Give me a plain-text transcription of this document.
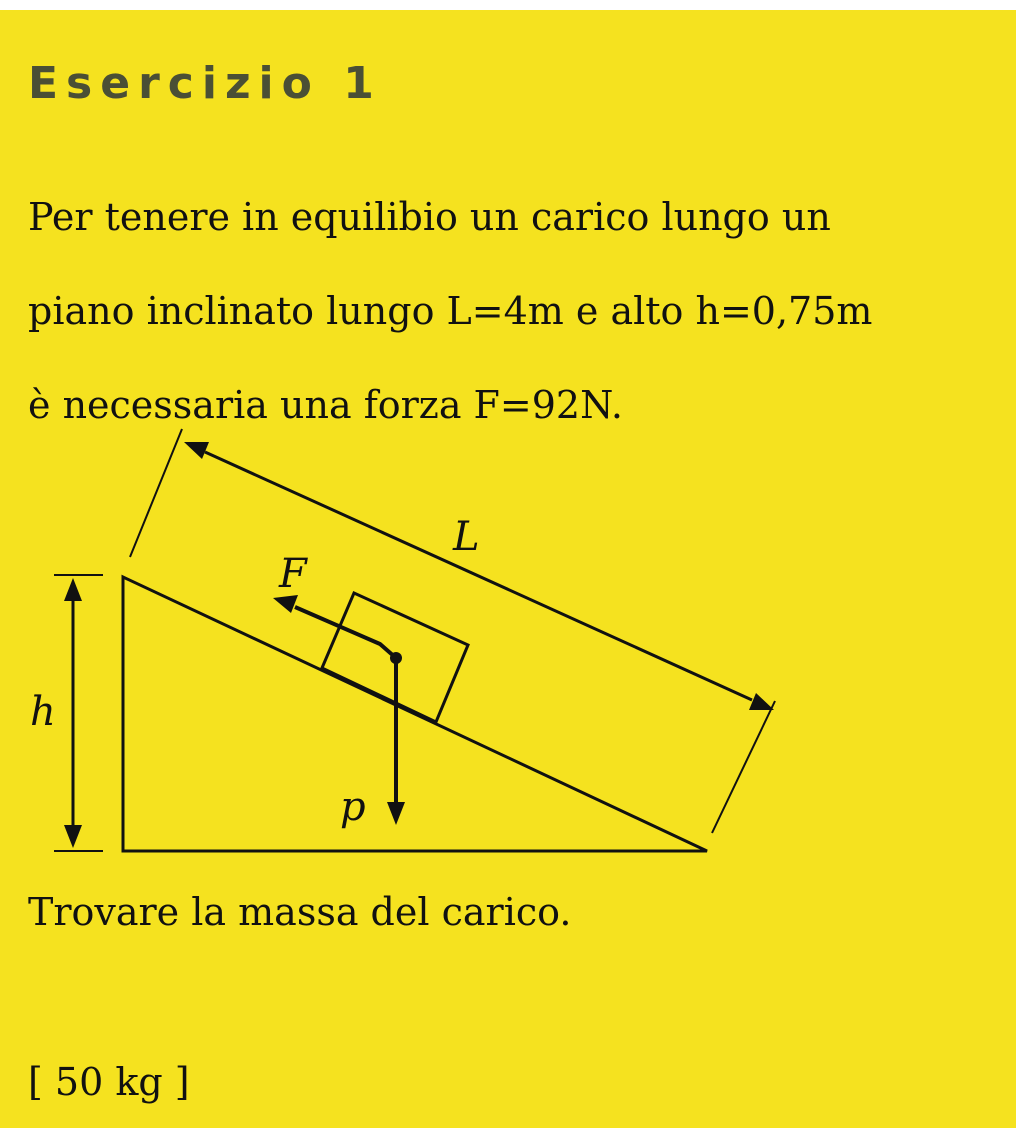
Esercizio 1

Per tenere in equilibio un carico lungo un
piano inclinato lungo L=4m e alto h=0,75m
è necessaria una forza F=92N.

L
F
h
p

Trovare la massa del carico.

[ 50 kg ]
